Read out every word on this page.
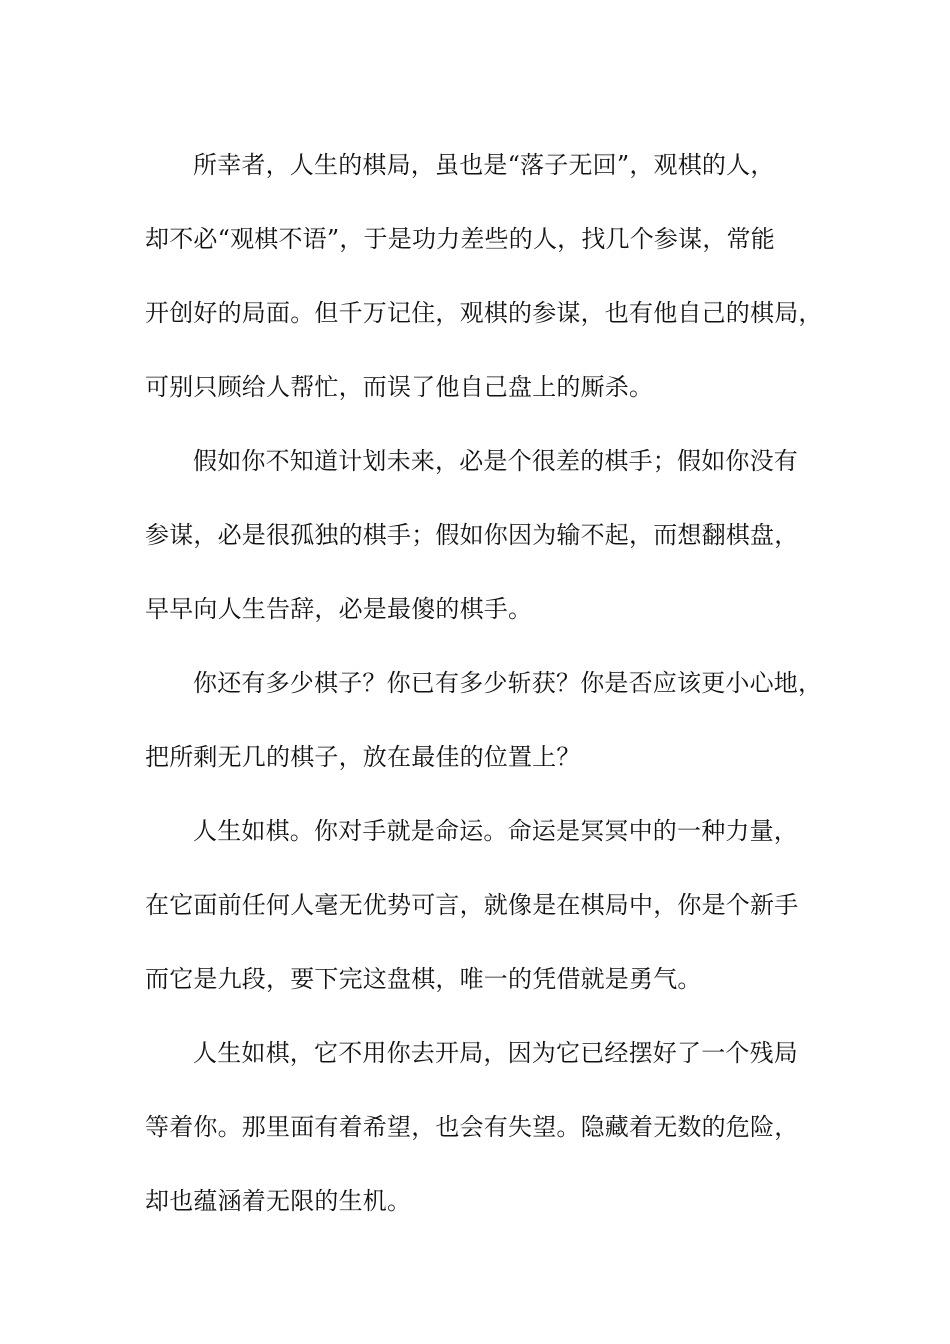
所幸者，人生的棋局，虽也是“落子无回”，观棋的人，
却不必“观棋不语”，于是功力差些的人，找几个参谋，常能
开创好的局面。但千万记住，观棋的参谋，也有他自己的棋局，
可别只顾给人帮忙，而误了他自己盘上的厮杀。
假如你不知道计划未来，必是个很差的棋手；假如你没有
参谋，必是很孤独的棋手；假如你因为输不起，而想翻棋盘，
早早向人生告辞，必是最傻的棋手。
你还有多少棋子？你已有多少斩获？你是否应该更小心地，
把所剩无几的棋子，放在最佳的位置上？
人生如棋。你对手就是命运。命运是冥冥中的一种力量，
在它面前任何人毫无优势可言，就像是在棋局中，你是个新手
而它是九段，要下完这盘棋，唯一的凭借就是勇气。
人生如棋，它不用你去开局，因为它已经摆好了一个残局
等着你。那里面有着希望，也会有失望。隐藏着无数的危险，
却也蕴涵着无限的生机。
